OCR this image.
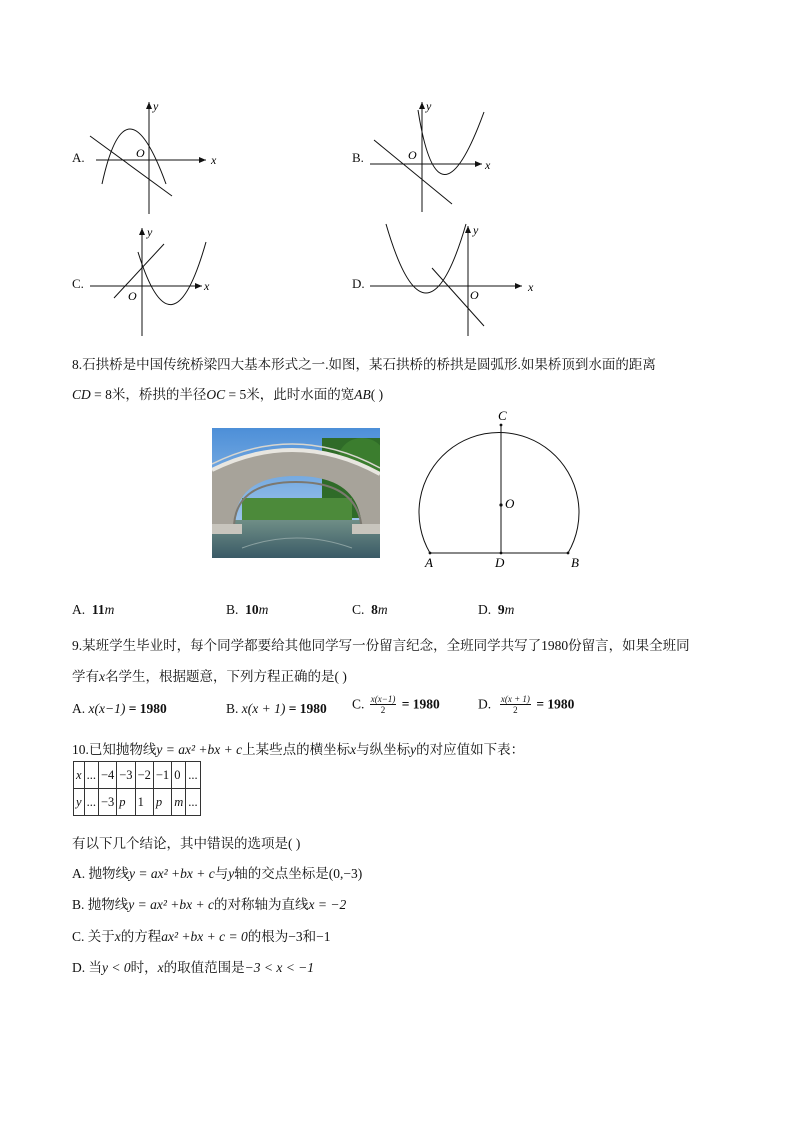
A.	x
y
O	B.	x
y
O
C.	x
y
O
D.	x
y
O
8.石拱桥是中国传统桥梁四大基本形式之一.如图，某石拱桥的桥拱是圆弧形.如果桥顶到水面的距离
CD = 8米，桥拱的半径OC = 5米，此时水面的宽AB( )
C
O
A	D	B
A. 11m	B. 10m	C. 8m	D. 9m
9.某班学生毕业时，每个同学都要给其他同学写一份留言纪念，全班同学共写了1980份留言，如果全班同
学有x名学生，根据题意，下列方程正确的是( )
A. x(x−1) = 1980	B. x(x + 1) = 1980 C. $\frac{x(x-1)}{2} = 1980$	D. $\frac{x(x + 1)}{2} = 1980$
10.已知抛物线y = ax² +bx + c上某些点的横坐标x与纵坐标y的对应值如下表：
x	...	−4	−3	−2	−1	0	...
y	...	−3	p	1	p	m	...
有以下几个结论，其中错误的选项是( )
A. 抛物线y = ax² +bx + c与y轴的交点坐标是(0,−3)
B. 抛物线y = ax² +bx + c的对称轴为直线x = −2
C. 关于x的方程ax² +bx + c = 0的根为−3和−1
D. 当y < 0时，x的取值范围是−3 < x < −1
